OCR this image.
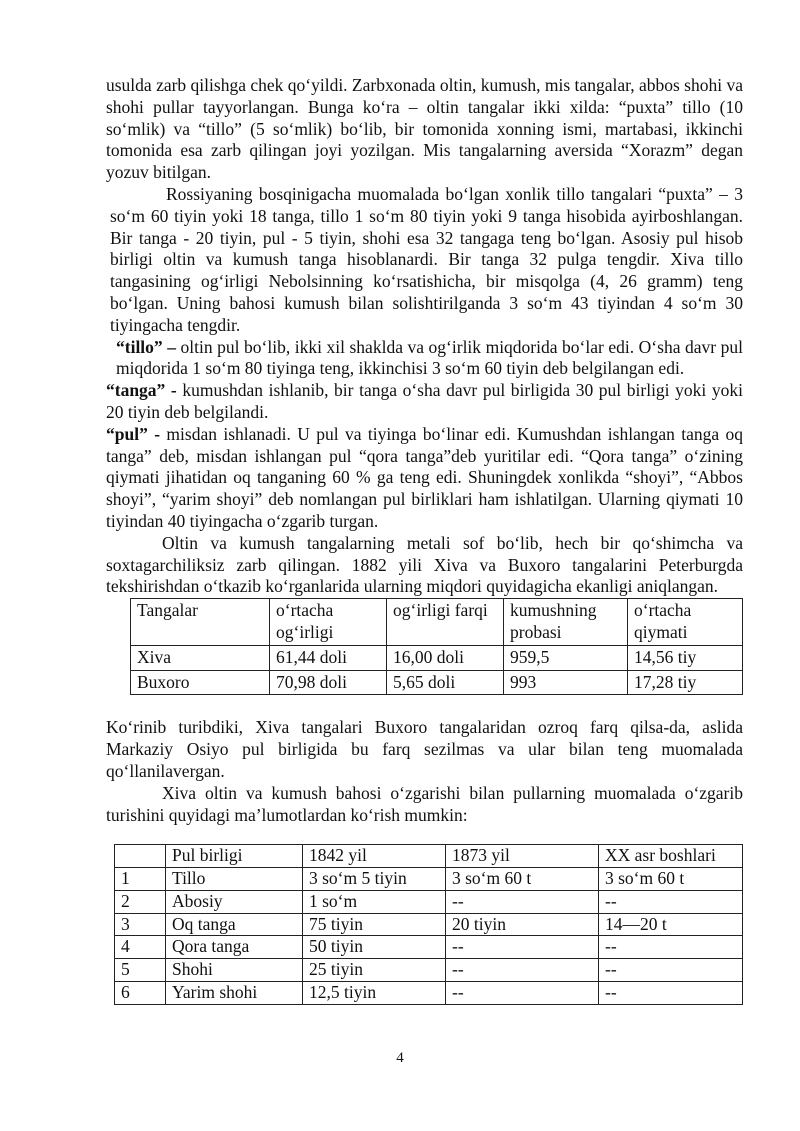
usulda zarb qilishga chek qo‘yildi. Zarbxonada oltin, kumush, mis tangalar, abbos shohi va shohi pullar tayyorlangan. Bunga ko‘ra – oltin tangalar ikki xilda: “puxta” tillo (10 so‘mlik) va “tillo” (5 so‘mlik) bo‘lib, bir tomonida xonning ismi, martabasi, ikkinchi tomonida esa zarb qilingan joyi yozilgan. Mis tangalarning aversida “Xorazm” degan yozuv bitilgan.

Rossiyaning bosqinigacha muomalada bo‘lgan xonlik tillo tangalari “puxta” – 3 so‘m 60 tiyin yoki 18 tanga, tillo 1 so‘m 80 tiyin yoki 9 tanga hisobida ayirboshlangan. Bir tanga - 20 tiyin, pul - 5 tiyin, shohi esa 32 tangaga teng bo‘lgan. Asosiy pul hisob birligi oltin va kumush tanga hisoblanardi. Bir tanga 32 pulga tengdir. Xiva tillo tangasining og‘irligi Nebolsinning ko‘rsatishicha, bir misqolga (4, 26 gramm) teng bo‘lgan. Uning bahosi kumush bilan solishtirilganda 3 so‘m 43 tiyindan 4 so‘m 30 tiyingacha tengdir.

“tillo” – oltin pul bo‘lib, ikki xil shaklda va og‘irlik miqdorida bo‘lar edi. O‘sha davr pul miqdorida 1 so‘m 80 tiyinga teng, ikkinchisi 3 so‘m 60 tiyin deb belgilangan edi.

“tanga” - kumushdan ishlanib, bir tanga o‘sha davr pul birligida 30 pul birligi yoki yoki 20 tiyin deb belgilandi.

“pul” - misdan ishlanadi. U pul va tiyinga bo‘linar edi. Kumushdan ishlangan tanga oq tanga” deb, misdan ishlangan pul “qora tanga”deb yuritilar edi. “Qora tanga” o‘zining qiymati jihatidan oq tanganing 60 % ga teng edi. Shuningdek xonlikda “shoyi”, “Abbos shoyi”, “yarim shoyi” deb nomlangan pul birliklari ham ishlatilgan. Ularning qiymati 10 tiyindan 40 tiyingacha o‘zgarib turgan.

Oltin va kumush tangalarning metali sof bo‘lib, hech bir qo‘shimcha va soxtagarchiliksiz zarb qilingan. 1882 yili Xiva va Buxoro tangalarini Peterburgda tekshirishdan o‘tkazib ko‘rganlarida ularning miqdori quyidagicha ekanligi aniqlangan.

Tangalar	o‘rtacha og‘irligi	og‘irligi farqi	kumushning probasi	o‘rtacha qiymati
Xiva	61,44 doli	16,00 doli	959,5	14,56 tiy
Buxoro	70,98 doli	5,65 doli	993	17,28 tiy

Ko‘rinib turibdiki, Xiva tangalari Buxoro tangalaridan ozroq farq qilsa-da, aslida Markaziy Osiyo pul birligida bu farq sezilmas va ular bilan teng muomalada qo‘llanilavergan.

Xiva oltin va kumush bahosi o‘zgarishi bilan pullarning muomalada o‘zgarib turishini quyidagi ma’lumotlardan ko‘rish mumkin:

	Pul birligi	1842 yil	1873 yil	XX asr boshlari
1	Tillo	3 so‘m 5 tiyin	3 so‘m 60 t	3 so‘m 60 t
2	Abosiy	1 so‘m	--	--
3	Oq tanga	75 tiyin	20 tiyin	14—20 t
4	Qora tanga	50 tiyin	--	--
5	Shohi	25 tiyin	--	--
6	Yarim shohi	12,5 tiyin	--	--
4
